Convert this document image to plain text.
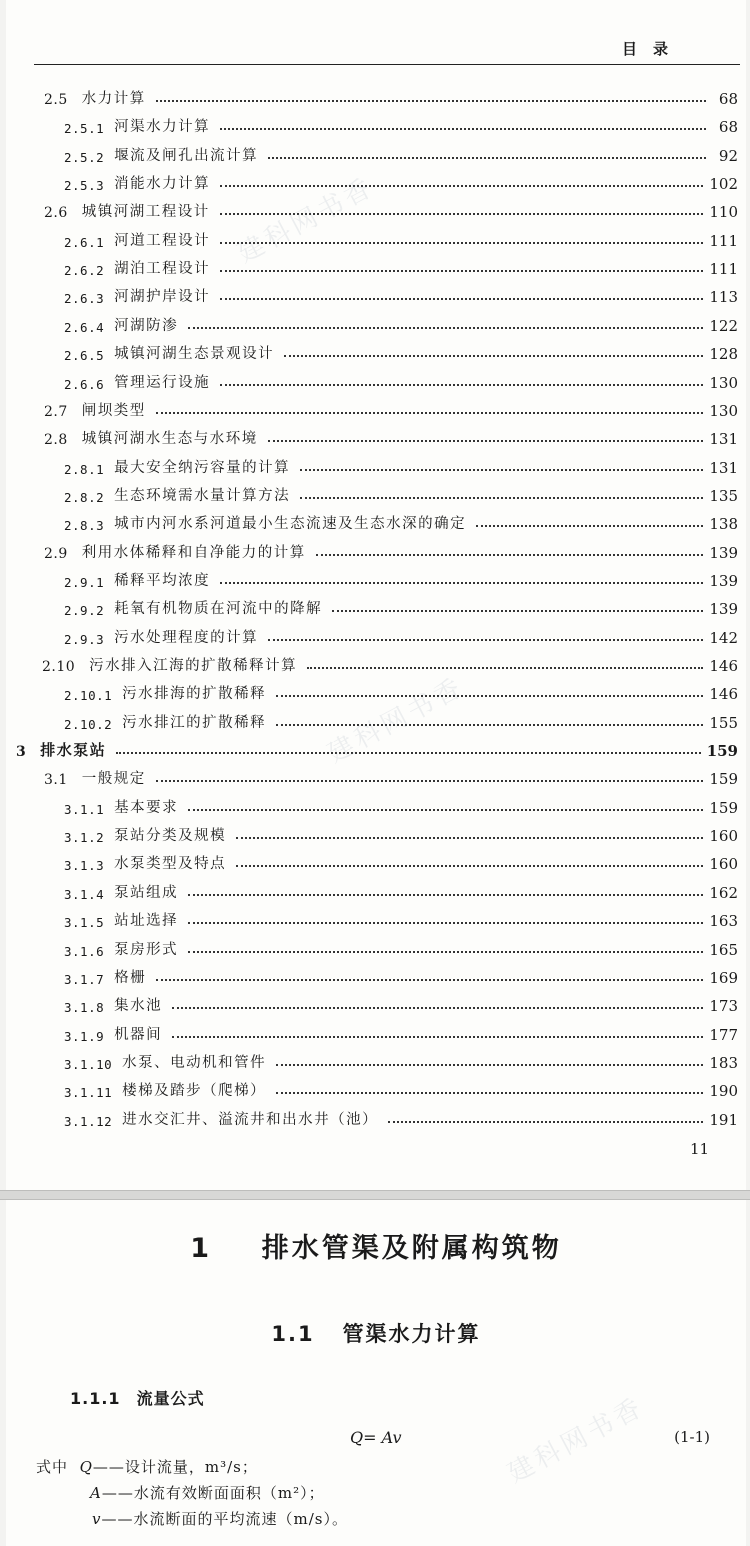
目录
2.5 水力计算	68
2.5.1 河渠水力计算	68
2.5.2 堰流及闸孔出流计算	92
2.5.3 消能水力计算	102
2.6 城镇河湖工程设计	110
2.6.1 河道工程设计	111
2.6.2 湖泊工程设计	111
2.6.3 河湖护岸设计	113
2.6.4 河湖防渗	122
2.6.5 城镇河湖生态景观设计	128
2.6.6 管理运行设施	130
2.7 闸坝类型	130
2.8 城镇河湖水生态与水环境	131
2.8.1 最大安全纳污容量的计算	131
2.8.2 生态环境需水量计算方法	135
2.8.3 城市内河水系河道最小生态流速及生态水深的确定	138
2.9 利用水体稀释和自净能力的计算	139
2.9.1 稀释平均浓度	139
2.9.2 耗氧有机物质在河流中的降解	139
2.9.3 污水处理程度的计算	142
2.10 污水排入江海的扩散稀释计算	146
2.10.1 污水排海的扩散稀释	146
2.10.2 污水排江的扩散稀释	155
3 排水泵站	159
3.1 一般规定	159
3.1.1 基本要求	159
3.1.2 泵站分类及规模	160
3.1.3 水泵类型及特点	160
3.1.4 泵站组成	162
3.1.5 站址选择	163
3.1.6 泵房形式	165
3.1.7 格栅	169
3.1.8 集水池	173
3.1.9 机器间	177
3.1.10 水泵、电动机和管件	183
3.1.11 楼梯及踏步（爬梯）	190
3.1.12 进水交汇井、溢流井和出水井（池）	191
11
1 排水管渠及附属构筑物
1.1 管渠水力计算
1.1.1 流量公式
Q= Av	(1-1)
式中 Q——设计流量，m³/s；
A——水流有效断面面积（m²）；
v——水流断面的平均流速（m/s）。
